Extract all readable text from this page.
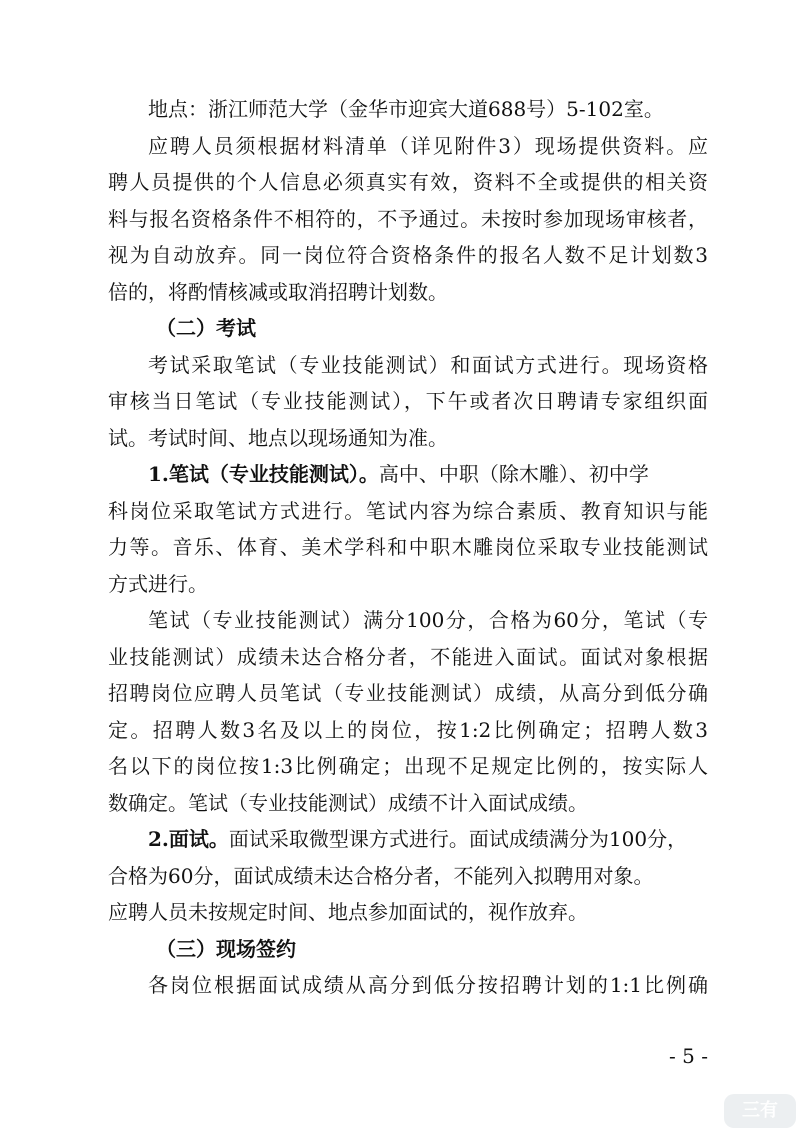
地点：浙江师范大学（金华市迎宾大道688号）5-102室。
应聘人员须根据材料清单（详见附件3）现场提供资料。应
聘人员提供的个人信息必须真实有效，资料不全或提供的相关资
料与报名资格条件不相符的，不予通过。未按时参加现场审核者，
视为自动放弃。同一岗位符合资格条件的报名人数不足计划数3
倍的，将酌情核减或取消招聘计划数。
（二）考试
考试采取笔试（专业技能测试）和面试方式进行。现场资格
审核当日笔试（专业技能测试），下午或者次日聘请专家组织面
试。考试时间、地点以现场通知为准。
1.笔试（专业技能测试）。高中、中职（除木雕）、初中学
科岗位采取笔试方式进行。笔试内容为综合素质、教育知识与能
力等。音乐、体育、美术学科和中职木雕岗位采取专业技能测试
方式进行。
笔试（专业技能测试）满分100分，合格为60分，笔试（专
业技能测试）成绩未达合格分者，不能进入面试。面试对象根据
招聘岗位应聘人员笔试（专业技能测试）成绩，从高分到低分确
定。招聘人数3名及以上的岗位，按1:2比例确定；招聘人数3
名以下的岗位按1:3比例确定；出现不足规定比例的，按实际人
数确定。笔试（专业技能测试）成绩不计入面试成绩。
2.面试。面试采取微型课方式进行。面试成绩满分为100分，
合格为60分，面试成绩未达合格分者，不能列入拟聘用对象。
应聘人员未按规定时间、地点参加面试的，视作放弃。
（三）现场签约
各岗位根据面试成绩从高分到低分按招聘计划的1:1比例确
- 5 -
三有
